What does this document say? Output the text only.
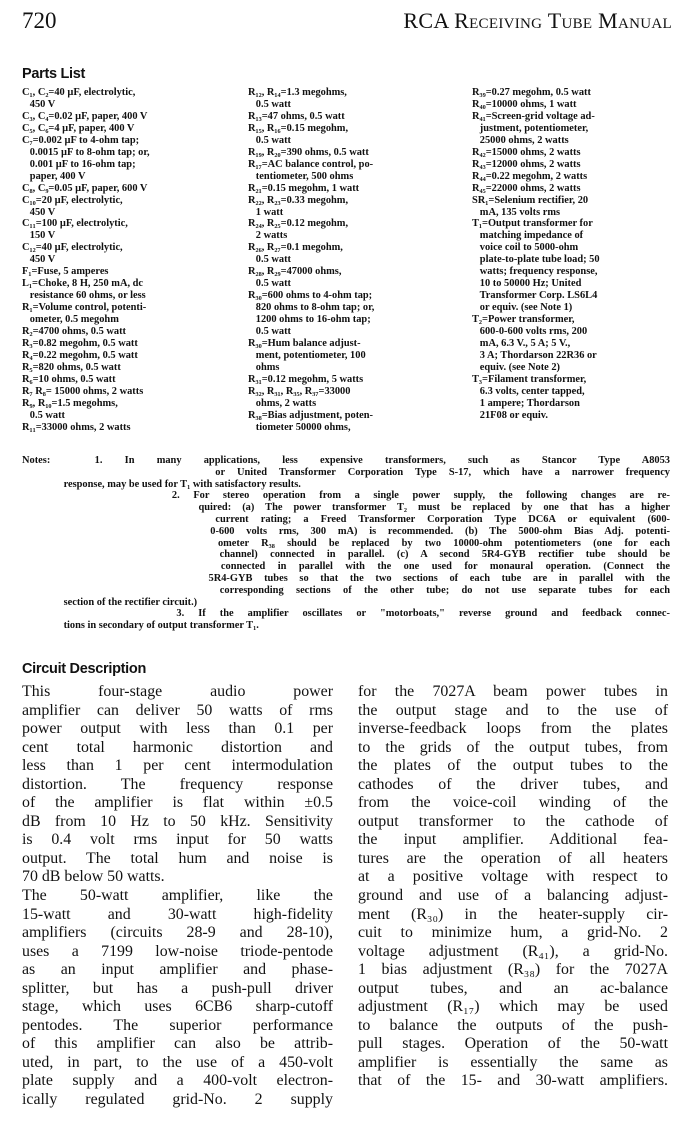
720	RCA Receiving Tube Manual
Parts List
C₁, C₂=40 µF, electrolytic,
450 V
C₃, C₄=0.02 µF, paper, 400 V
C₅, C₆=4 µF, paper, 400 V
C₇=0.002 µF to 4-ohm tap;
0.0015 µF to 8-ohm tap; or,
0.001 µF to 16-ohm tap;
paper, 400 V
C₈, C₉=0.05 µF, paper, 600 V
C₁₀=20 µF, electrolytic,
450 V
C₁₁=100 µF, electrolytic,
150 V
C₁₂=40 µF, electrolytic,
450 V
F₁=Fuse, 5 amperes
L₁=Choke, 8 H, 250 mA, dc
resistance 60 ohms, or less
R₁=Volume control, potenti-
ometer, 0.5 megohm
R₂=4700 ohms, 0.5 watt
R₃=0.82 megohm, 0.5 watt
R₄=0.22 megohm, 0.5 watt
R₅=820 ohms, 0.5 watt
R₆=10 ohms, 0.5 watt
R₇ R₈= 15000 ohms, 2 watts
R₉, R₁₀=1.5 megohms,
0.5 watt
R₁₁=33000 ohms, 2 watts
R₁₂, R₁₄=1.3 megohms,
0.5 watt
R₁₃=47 ohms, 0.5 watt
R₁₅, R₁₆=0.15 megohm,
0.5 watt
R₁₉, R₂₀=390 ohms, 0.5 watt
R₁₇=AC balance control, po-
tentiometer, 500 ohms
R₂₁=0.15 megohm, 1 watt
R₂₂, R₂₃=0.33 megohm,
1 watt
R₂₄, R₂₅=0.12 megohm,
2 watts
R₂₆, R₂₇=0.1 megohm,
0.5 watt
R₂₈, R₂₉=47000 ohms,
0.5 watt
R₃₀=600 ohms to 4-ohm tap;
820 ohms to 8-ohm tap; or,
1200 ohms to 16-ohm tap;
0.5 watt
R₃₀=Hum balance adjust-
ment, potentiometer, 100
ohms
R₃₁=0.12 megohm, 5 watts
R₃₂, R₃₁, R₃₅, R₃₇=33000
ohms, 2 watts
R₃₈=Bias adjustment, poten-
tiometer 50000 ohms,
R₃₉=0.27 megohm, 0.5 watt
R₄₀=10000 ohms, 1 watt
R₄₁=Screen-grid voltage ad-
justment, potentiometer,
25000 ohms, 2 watts
R₄₂=15000 ohms, 2 watts
R₄₃=12000 ohms, 2 watts
R₄₄=0.22 megohm, 2 watts
R₄₅=22000 ohms, 2 watts
SR₁=Selenium rectifier, 20
mA, 135 volts rms
T₁=Output transformer for
matching impedance of
voice coil to 5000-ohm
plate-to-plate tube load; 50
watts; frequency response,
10 to 50000 Hz; United
Transformer Corp. LS6L4
or equiv. (see Note 1)
T₂=Power transformer,
600-0-600 volts rms, 200
mA, 6.3 V., 5 A; 5 V.,
3 A; Thordarson 22R36 or
equiv. (see Note 2)
T₃=Filament transformer,
6.3 volts, center tapped,
1 ampere; Thordarson
21F08 or equiv.
Notes:  1. In many applications, less expensive transformers, such as Stancor Type A8053
or United Transformer Corporation Type S-17, which have a narrower frequency
response, may be used for T₁ with satisfactory results.
2. For stereo operation from a single power supply, the following changes are re-
quired: (a) The power transformer T₂ must be replaced by one that has a higher
current rating; a Freed Transformer Corporation Type DC6A or equivalent (600-
0-600 volts rms, 300 mA) is recommended. (b) The 5000-ohm Bias Adj. potenti-
ometer R₃₈ should be replaced by two 10000-ohm potentiometers (one for each
channel) connected in parallel. (c) A second 5R4-GYB rectifier tube should be
connected in parallel with the one used for monaural operation. (Connect the
5R4-GYB tubes so that the two sections of each tube are in parallel with the
corresponding sections of the other tube; do not use separate tubes for each
section of the rectifier circuit.)
3. If the amplifier oscillates or "motorboats," reverse ground and feedback connec-
tions in secondary of output transformer T₁.
Circuit Description
This four-stage audio power
amplifier can deliver 50 watts of rms
power output with less than 0.1 per
cent total harmonic distortion and
less than 1 per cent intermodulation
distortion. The frequency response
of the amplifier is flat within ±0.5
dB from 10 Hz to 50 kHz. Sensitivity
is 0.4 volt rms input for 50 watts
output. The total hum and noise is
70 dB below 50 watts.
The 50-watt amplifier, like the
15-watt and 30-watt high-fidelity
amplifiers (circuits 28-9 and 28-10),
uses a 7199 low-noise triode-pentode
as an input amplifier and phase-
splitter, but has a push-pull driver
stage, which uses 6CB6 sharp-cutoff
pentodes. The superior performance
of this amplifier can also be attrib-
uted, in part, to the use of a 450-volt
plate supply and a 400-volt electron-
ically regulated grid-No. 2 supply
for the 7027A beam power tubes in
the output stage and to the use of
inverse-feedback loops from the plates
to the grids of the output tubes, from
the plates of the output tubes to the
cathodes of the driver tubes, and
from the voice-coil winding of the
output transformer to the cathode of
the input amplifier. Additional fea-
tures are the operation of all heaters
at a positive voltage with respect to
ground and use of a balancing adjust-
ment (R₃₀) in the heater-supply cir-
cuit to minimize hum, a grid-No. 2
voltage adjustment (R₄₁), a grid-No.
1 bias adjustment (R₃₈) for the 7027A
output tubes, and an ac-balance
adjustment (R₁₇) which may be used
to balance the outputs of the push-
pull stages. Operation of the 50-watt
amplifier is essentially the same as
that of the 15- and 30-watt amplifiers.
